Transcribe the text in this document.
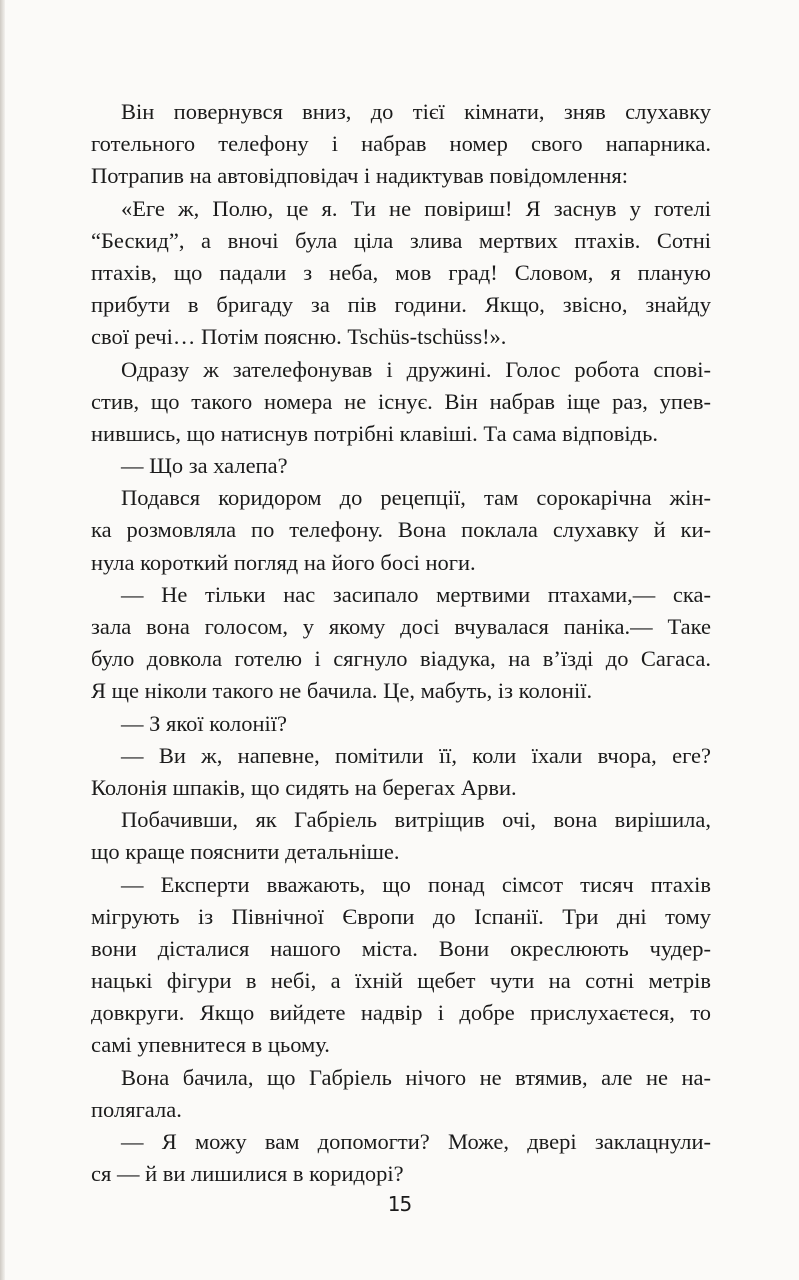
Він повернувся вниз, до тієї кімнати, зняв слухавку
готельного телефону і набрав номер свого напарника.
Потрапив на автовідповідач і надиктував повідомлення:
«Еге ж, Полю, це я. Ти не повіриш! Я заснув у готелі
“Бескид”, а вночі була ціла злива мертвих птахів. Сотні
птахів, що падали з неба, мов град! Словом, я планую
прибути в бригаду за пів години. Якщо, звісно, знайду
свої речі… Потім поясню. Tschüs-tschüss!».
Одразу ж зателефонував і дружині. Голос робота спові-
стив, що такого номера не існує. Він набрав іще раз, упев-
нившись, що натиснув потрібні клавіші. Та сама відповідь.
— Що за халепа?
Подався коридором до рецепції, там сорокарічна жін-
ка розмовляла по телефону. Вона поклала слухавку й ки-
нула короткий погляд на його босі ноги.
— Не тільки нас засипало мертвими птахами,— ска-
зала вона голосом, у якому досі вчувалася паніка.— Таке
було довкола готелю і сягнуло віадука, на в’їзді до Сагаса.
Я ще ніколи такого не бачила. Це, мабуть, із колонії.
— З якої колонії?
— Ви ж, напевне, помітили її, коли їхали вчора, еге?
Колонія шпаків, що сидять на берегах Арви.
Побачивши, як Габріель витріщив очі, вона вирішила,
що краще пояснити детальніше.
— Експерти вважають, що понад сімсот тисяч птахів
мігрують із Північної Європи до Іспанії. Три дні тому
вони дісталися нашого міста. Вони окреслюють чудер-
нацькі фігури в небі, а їхній щебет чути на сотні метрів
довкруги. Якщо вийдете надвір і добре прислухаєтеся, то
самі упевнитеся в цьому.
Вона бачила, що Габріель нічого не втямив, але не на-
полягала.
— Я можу вам допомогти? Може, двері заклацнули-
ся — й ви лишилися в коридорі?
15
